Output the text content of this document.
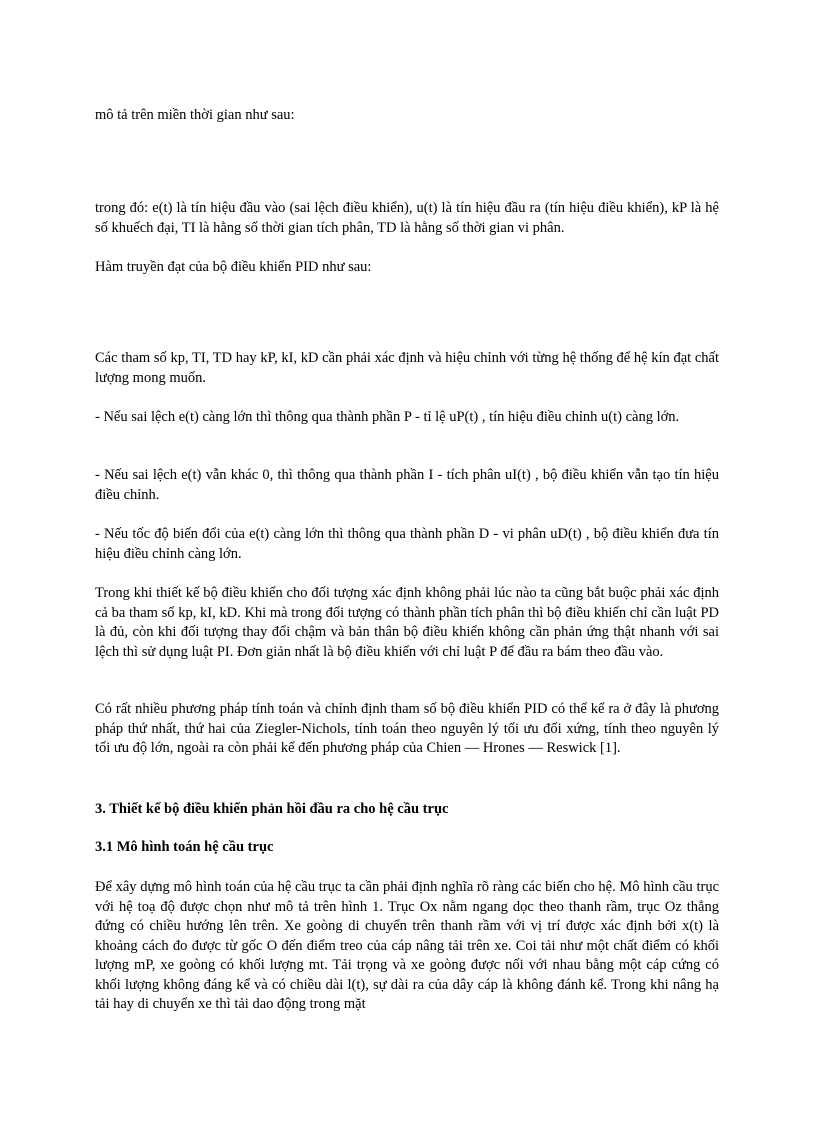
mô tả trên miền thời gian như sau:

trong đó: e(t) là tín hiệu đầu vào (sai lệch điều khiển), u(t) là tín hiệu đầu ra (tín hiệu điều khiển), kP là hệ số khuếch đại, TI là hằng số thời gian tích phân, TD là hằng số thời gian vi phân.

Hàm truyền đạt của bộ điều khiển PID như sau:

Các tham số kp, TI, TD hay kP, kI, kD cần phải xác định và hiệu chỉnh với từng hệ thống để hệ kín đạt chất lượng mong muốn.

- Nếu sai lệch e(t) càng lớn thì thông qua thành phần P - tỉ lệ uP(t) , tín hiệu điều chỉnh u(t) càng lớn.

- Nếu sai lệch e(t) vẫn khác 0, thì thông qua thành phần I - tích phân uI(t) , bộ điều khiển vẫn tạo tín hiệu điều chỉnh.

- Nếu tốc độ biến đổi của e(t) càng lớn thì thông qua thành phần D - vi phân uD(t) , bộ điều khiển đưa tín hiệu điều chỉnh càng lớn.

Trong khi thiết kế bộ điều khiển cho đối tượng xác định không phải lúc nào ta cũng bắt buộc phải xác định cả ba tham số kp, kI, kD. Khi mà trong đối tượng có thành phần tích phân thì bộ điều khiển chỉ cần luật PD là đủ, còn khi đối tượng thay đổi chậm và bản thân bộ điều khiển không cần phản ứng thật nhanh với sai lệch thì sử dụng luật PI. Đơn giản nhất là bộ điều khiển với chỉ luật P để đầu ra bám theo đầu vào.

Có rất nhiều phương pháp tính toán và chỉnh định tham số bộ điều khiển PID có thể kể ra ở đây là phương pháp thứ nhất, thứ hai của Ziegler-Nichols, tính toán theo nguyên lý tối ưu đối xứng, tính theo nguyên lý tối ưu độ lớn, ngoài ra còn phải kể đến phương pháp của Chien — Hrones — Reswick [1].

3. Thiết kế bộ điều khiển phản hồi đầu ra cho hệ cầu trục
3.1 Mô hình toán hệ cầu trục

Để xây dựng mô hình toán của hệ cầu trục ta cần phải định nghĩa rõ ràng các biến cho hệ. Mô hình cầu trục với hệ toạ độ được chọn như mô tả trên hình 1. Trục Ox nằm ngang dọc theo thanh rầm, trục Oz thẳng đứng có chiều hướng lên trên. Xe goòng di chuyển trên thanh rầm với vị trí được xác định bởi x(t) là khoảng cách đo được từ gốc O đến điểm treo của cáp nâng tải trên xe. Coi tải như một chất điểm có khối lượng mP, xe goòng có khối lượng mt. Tải trọng và xe goòng được nối với nhau bằng một cáp cứng có khối lượng không đáng kể và có chiều dài l(t), sự dài ra của dây cáp là không đánh kể. Trong khi nâng hạ tải hay di chuyển xe thì tải dao động trong mặt
